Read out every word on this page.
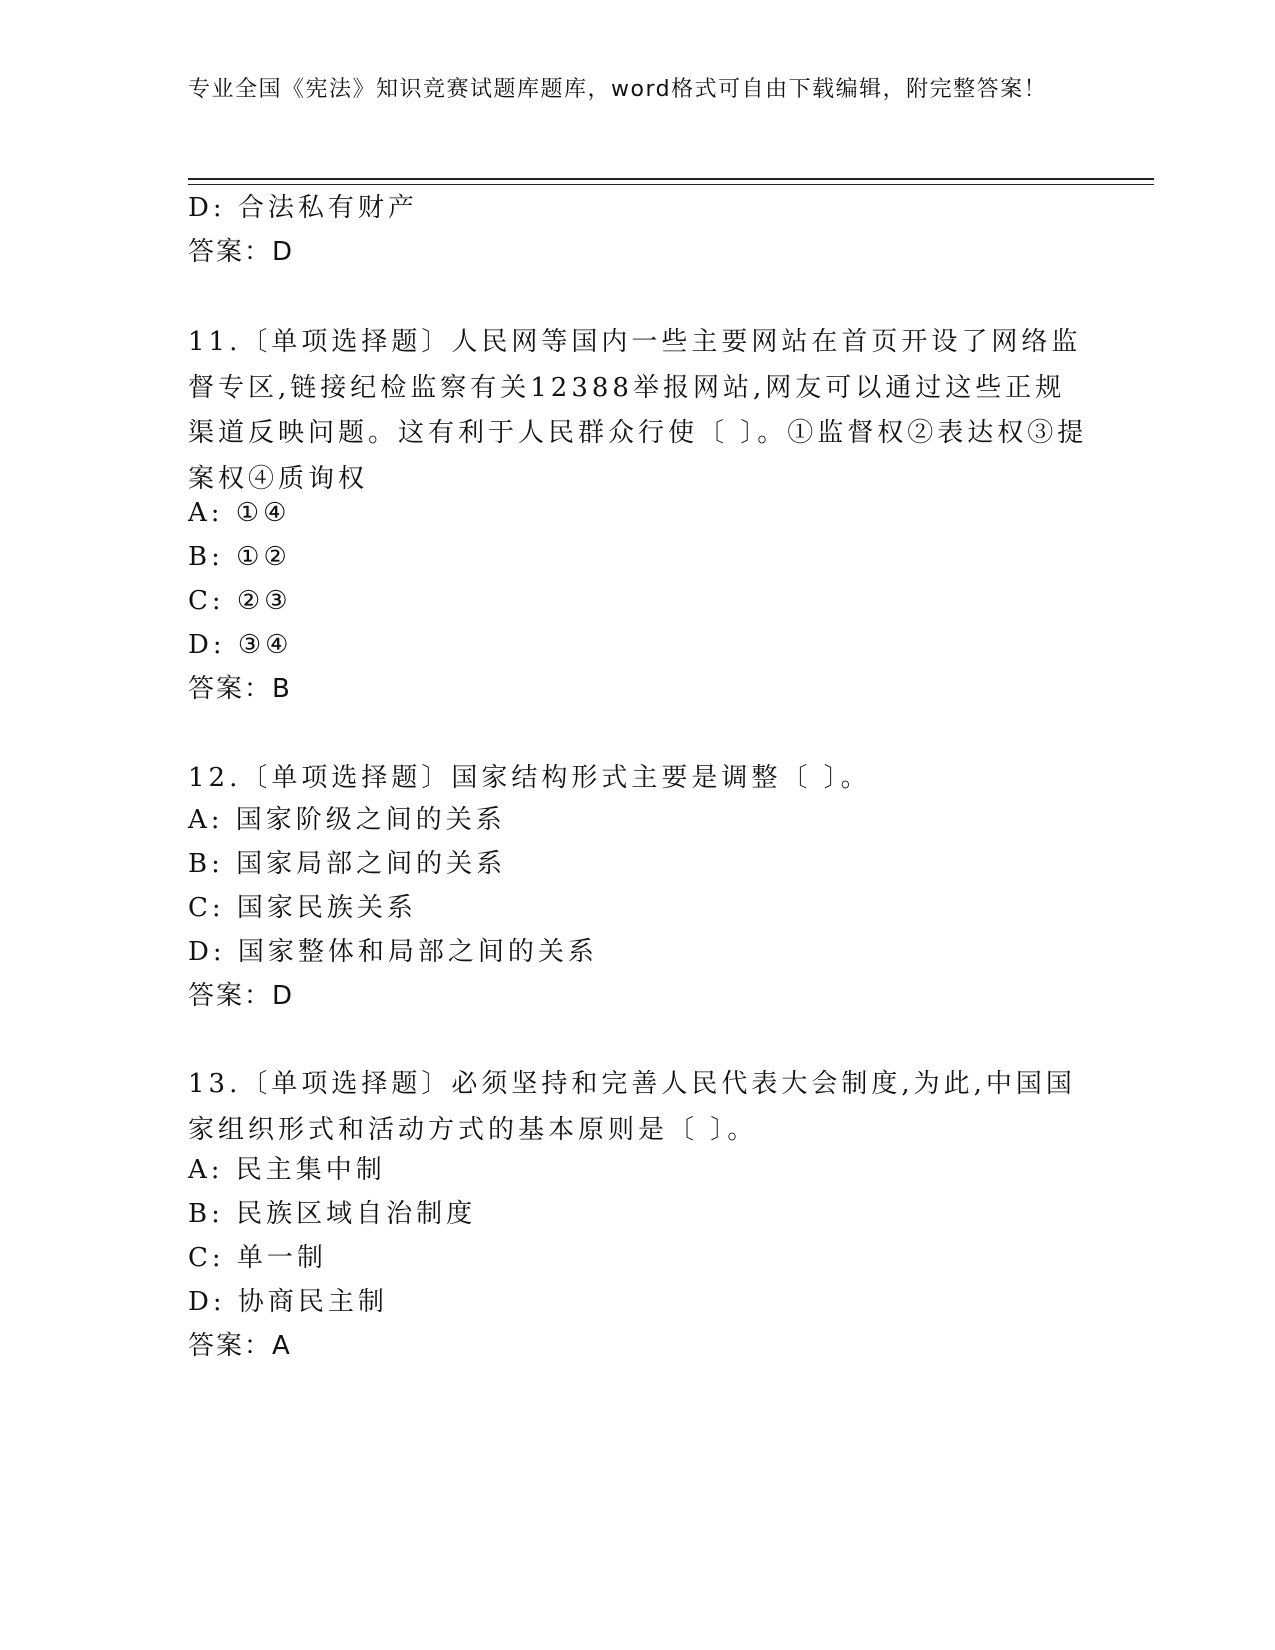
专业全国《宪法》知识竞赛试题库题库，word格式可自由下载编辑，附完整答案！
D: 合法私有财产
答案：D
11.〔单项选择题〕人民网等国内一些主要网站在首页开设了网络监督专区,链接纪检监察有关12388举报网站,网友可以通过这些正规渠道反映问题。这有利于人民群众行使〔 〕。①监督权②表达权③提案权④质询权
A: ①④
B: ①②
C: ②③
D: ③④
答案：B
12.〔单项选择题〕国家结构形式主要是调整〔 〕。
A: 国家阶级之间的关系
B: 国家局部之间的关系
C: 国家民族关系
D: 国家整体和局部之间的关系
答案：D
13.〔单项选择题〕必须坚持和完善人民代表大会制度,为此,中国国家组织形式和活动方式的基本原则是〔 〕。
A: 民主集中制
B: 民族区域自治制度
C: 单一制
D: 协商民主制
答案：A
